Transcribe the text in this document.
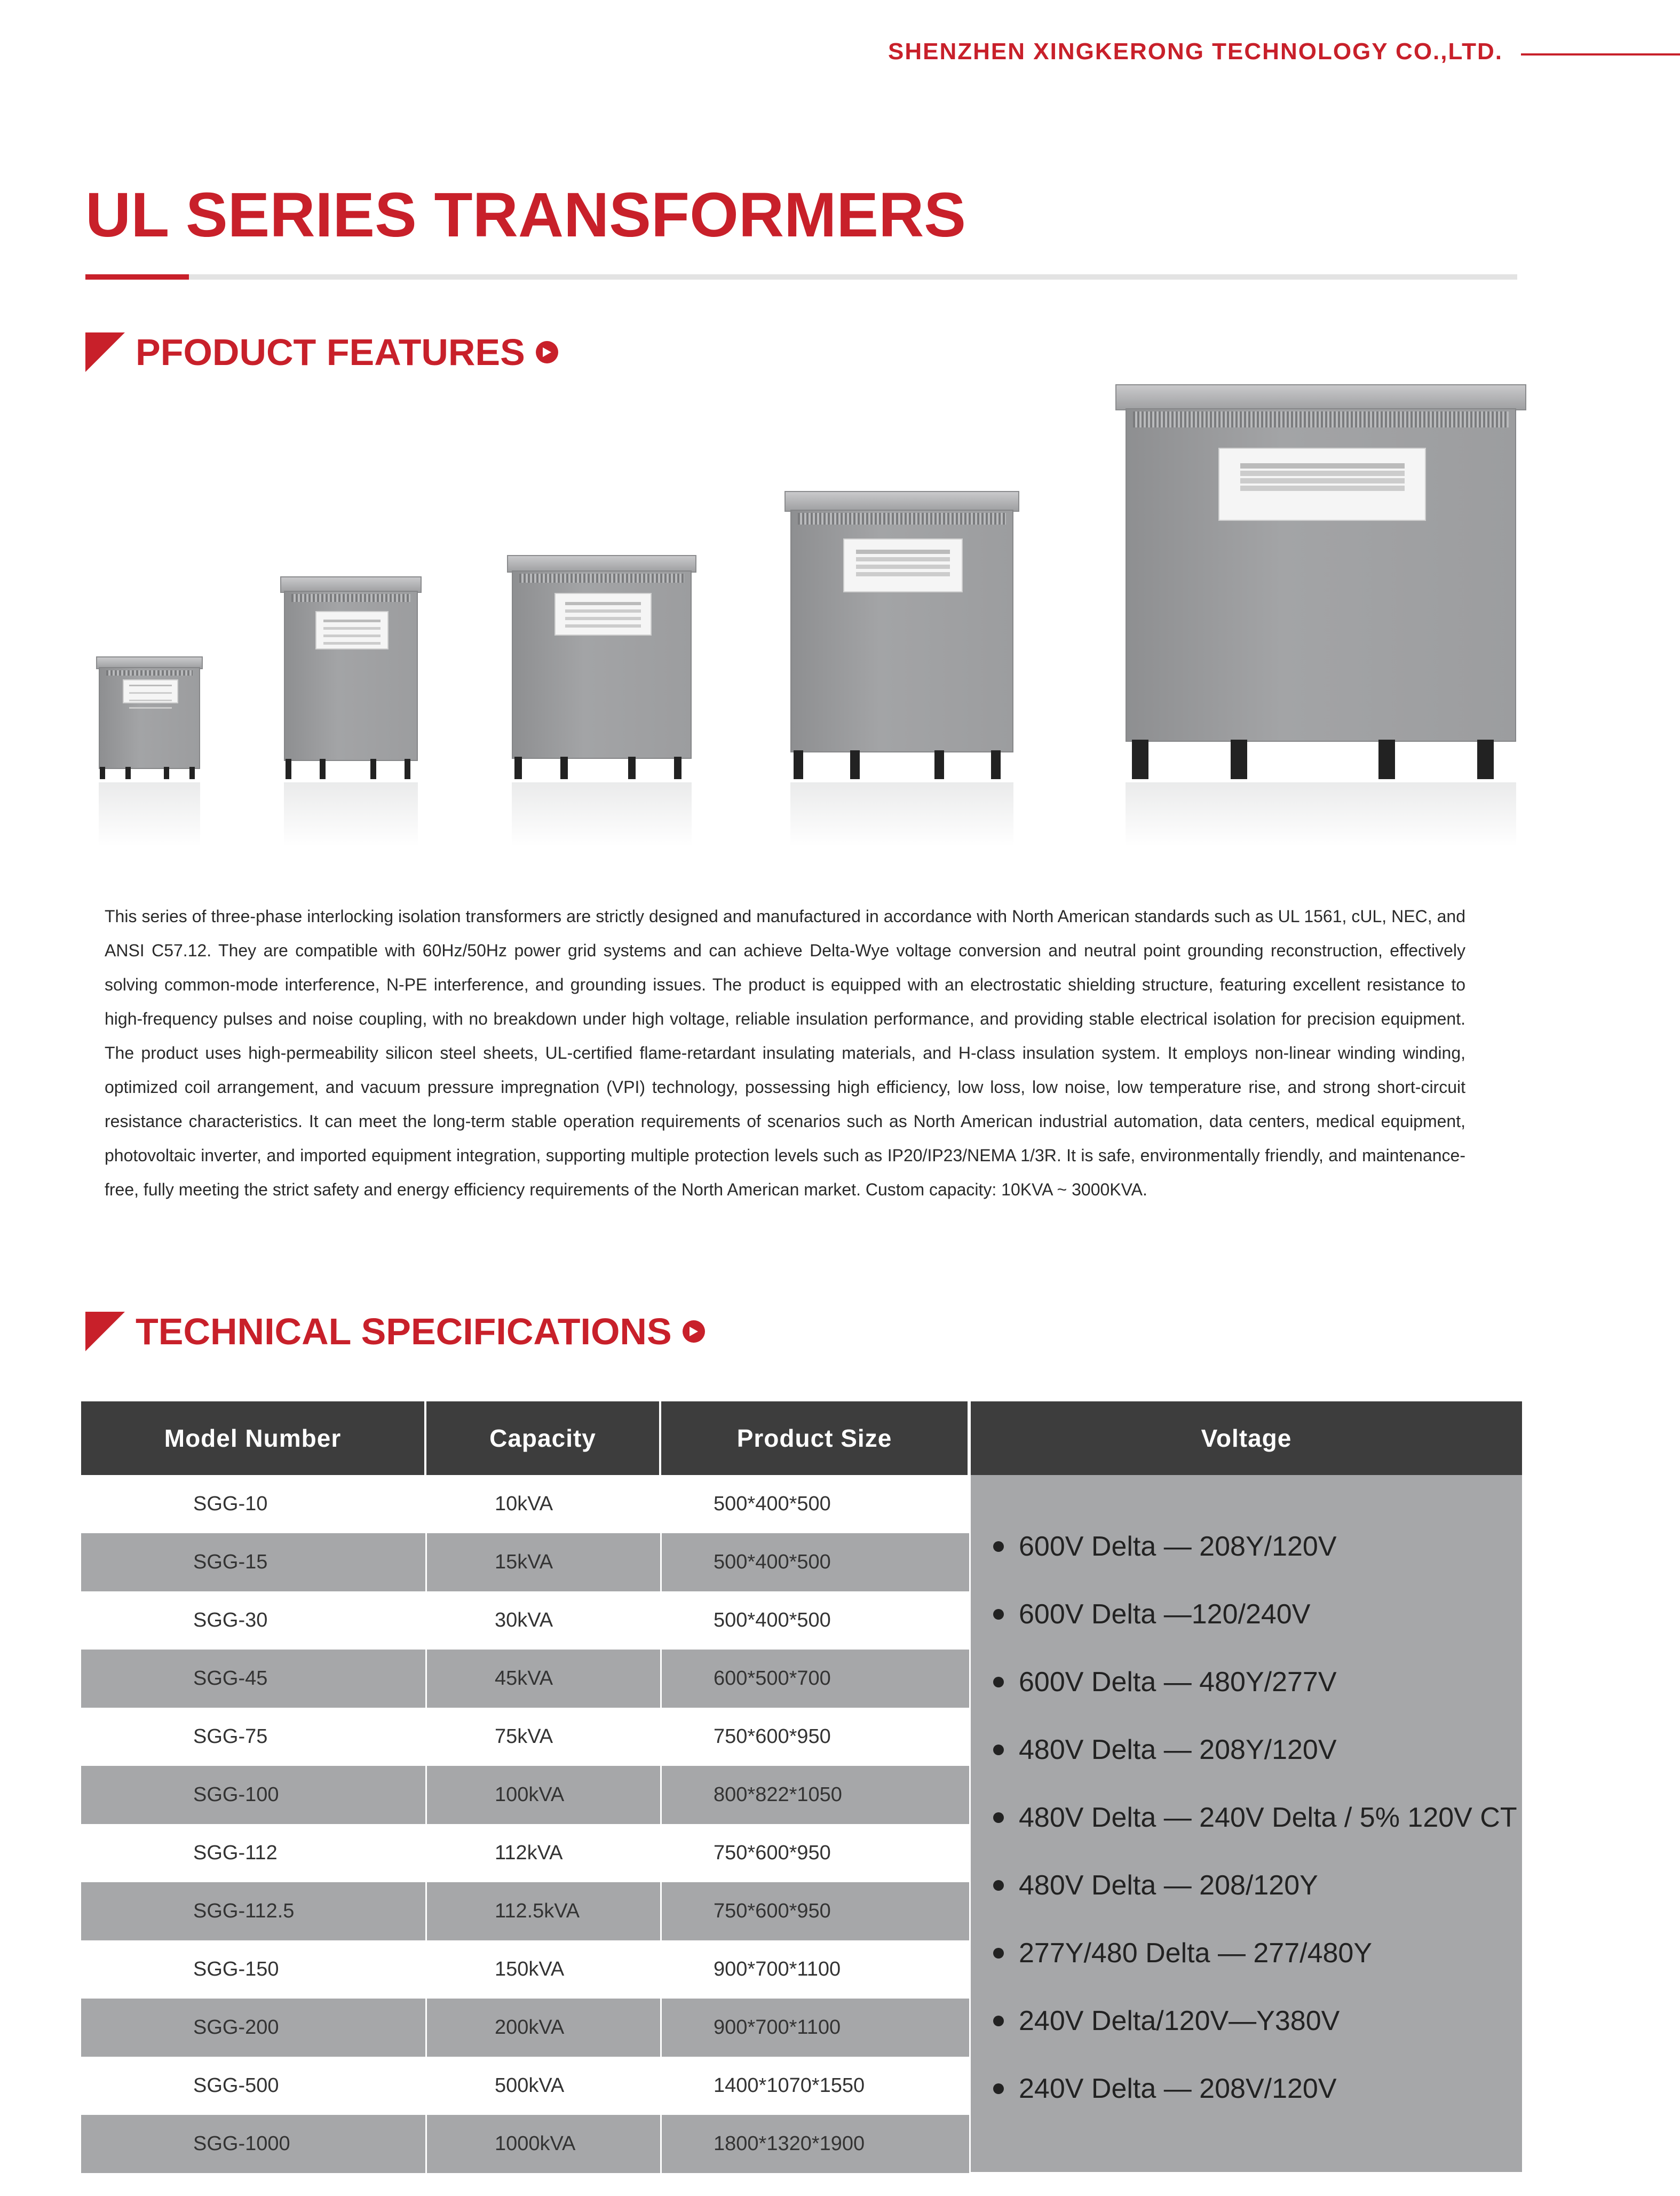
SHENZHEN XINGKERONG TECHNOLOGY CO.,LTD.
UL SERIES TRANSFORMERS
PFODUCT FEATURES

This series of three-phase interlocking isolation transformers are strictly designed and manufactured in accordance with North American standards such as UL 1561, cUL, NEC, and ANSI C57.12. They are compatible with 60Hz/50Hz power grid systems and can achieve Delta-Wye voltage conversion and neutral point grounding reconstruction, effectively solving common-mode interference, N-PE interference, and grounding issues. The product is equipped with an electrostatic shielding structure, featuring excellent resistance to high-frequency pulses and noise coupling, with no breakdown under high voltage, reliable insulation performance, and providing stable electrical isolation for precision equipment. The product uses high-permeability silicon steel sheets, UL-certified flame-retardant insulating materials, and H-class insulation system. It employs non-linear winding winding, optimized coil arrangement, and vacuum pressure impregnation (VPI) technology, possessing high efficiency, low loss, low noise, low temperature rise, and strong short-circuit resistance characteristics. It can meet the long-term stable operation requirements of scenarios such as North American industrial automation, data centers, medical equipment, photovoltaic inverter, and imported equipment integration, supporting multiple protection levels such as IP20/IP23/NEMA 1/3R. It is safe, environmentally friendly, and maintenance-free, fully meeting the strict safety and energy efficiency requirements of the North American market. Custom capacity: 10KVA ~ 3000KVA.

TECHNICAL SPECIFICATIONS
Model Number	Capacity	Product Size	Voltage
SGG-10	10kVA	500*400*500
SGG-15	15kVA	500*400*500
SGG-30	30kVA	500*400*500
SGG-45	45kVA	600*500*700
SGG-75	75kVA	750*600*950
SGG-100	100kVA	800*822*1050
SGG-112	112kVA	750*600*950
SGG-112.5	112.5kVA	750*600*950
SGG-150	150kVA	900*700*1100
SGG-200	200kVA	900*700*1100
SGG-500	500kVA	1400*1070*1550
SGG-1000	1000kVA	1800*1320*1900
600V Delta — 208Y/120V
600V Delta —120/240V
600V Delta — 480Y/277V
480V Delta — 208Y/120V
480V Delta — 240V Delta / 5% 120V CT
480V Delta — 208/120Y
277Y/480 Delta — 277/480Y
240V Delta/120V—Y380V
240V Delta — 208V/120V
